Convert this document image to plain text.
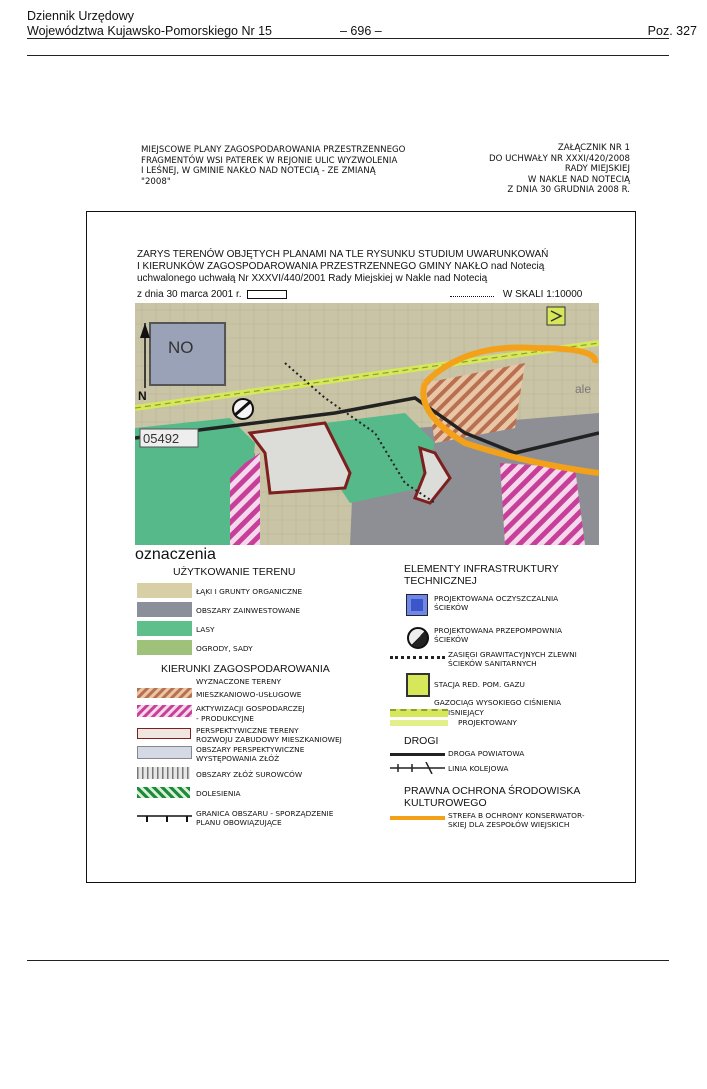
Dziennik Urzędowy
Województwa Kujawsko-Pomorskiego Nr 15	– 696 –	Poz. 327
MIEJSCOWE PLANY ZAGOSPODAROWANIA PRZESTRZENNEGO
FRAGMENTÓW WSI PATEREK W REJONIE ULIC WYZWOLENIA
I LEŚNEJ, W GMINIE NAKŁO NAD NOTECIĄ - ZE ZMIANĄ
"2008"
ZAŁĄCZNIK NR 1
DO UCHWAŁY NR XXXI/420/2008
RADY MIEJSKIEJ
W NAKLE NAD NOTECIĄ
Z DNIA 30 GRUDNIA 2008 R.
ZARYS TERENÓW OBJĘTYCH PLANAMI NA TLE RYSUNKU STUDIUM UWARUNKOWAŃ
I KIERUNKÓW ZAGOSPODAROWANIA PRZESTRZENNEGO GMINY NAKŁO nad Notecią
uchwalonego uchwałą Nr XXXVI/440/2001 Rady Miejskiej w Nakle nad Notecią
z dnia 30 marca 2001 r.	W SKALI 1:10000
NO
05492
ale
N
oznaczenia
UŻYTKOWANIE TERENU
ŁĄKI I GRUNTY ORGANICZNE
OBSZARY ZAINWESTOWANE
LASY
OGRODY, SADY
KIERUNKI ZAGOSPODAROWANIA
WYZNACZONE TERENY
MIESZKANIOWO-USŁUGOWE
AKTYWIZACJI GOSPODARCZEJ
- PRODUKCYJNE
PERSPEKTYWICZNE TERENY
ROZWOJU ZABUDOWY MIESZKANIOWEJ
OBSZARY PERSPEKTYWICZNE
WYSTĘPOWANIA ZŁÓŻ
OBSZARY ZŁÓŻ SUROWCÓW
DOLESIENIA
GRANICA OBSZARU - SPORZĄDZENIE
PLANU OBOWIĄZUJĄCE
ELEMENTY INFRASTRUKTURY
TECHNICZNEJ
PROJEKTOWANA OCZYSZCZALNIA
ŚCIEKÓW
PROJEKTOWANA PRZEPOMPOWNIA
ŚCIEKÓW
ZASIĘGI GRAWITACYJNYCH ZLEWNI
ŚCIEKÓW SANITARNYCH
STACJA RED. POM. GAZU
GAZOCIĄG WYSOKIEGO CIŚNIENIA
ISNIEJĄCY
PROJEKTOWANY
DROGI
DROGA POWIATOWA
LINIA KOLEJOWA
PRAWNA OCHRONA ŚRODOWISKA
KULTUROWEGO
STREFA B OCHRONY KONSERWATOR-
SKIEJ DLA ZESPOŁÓW WIEJSKICH
